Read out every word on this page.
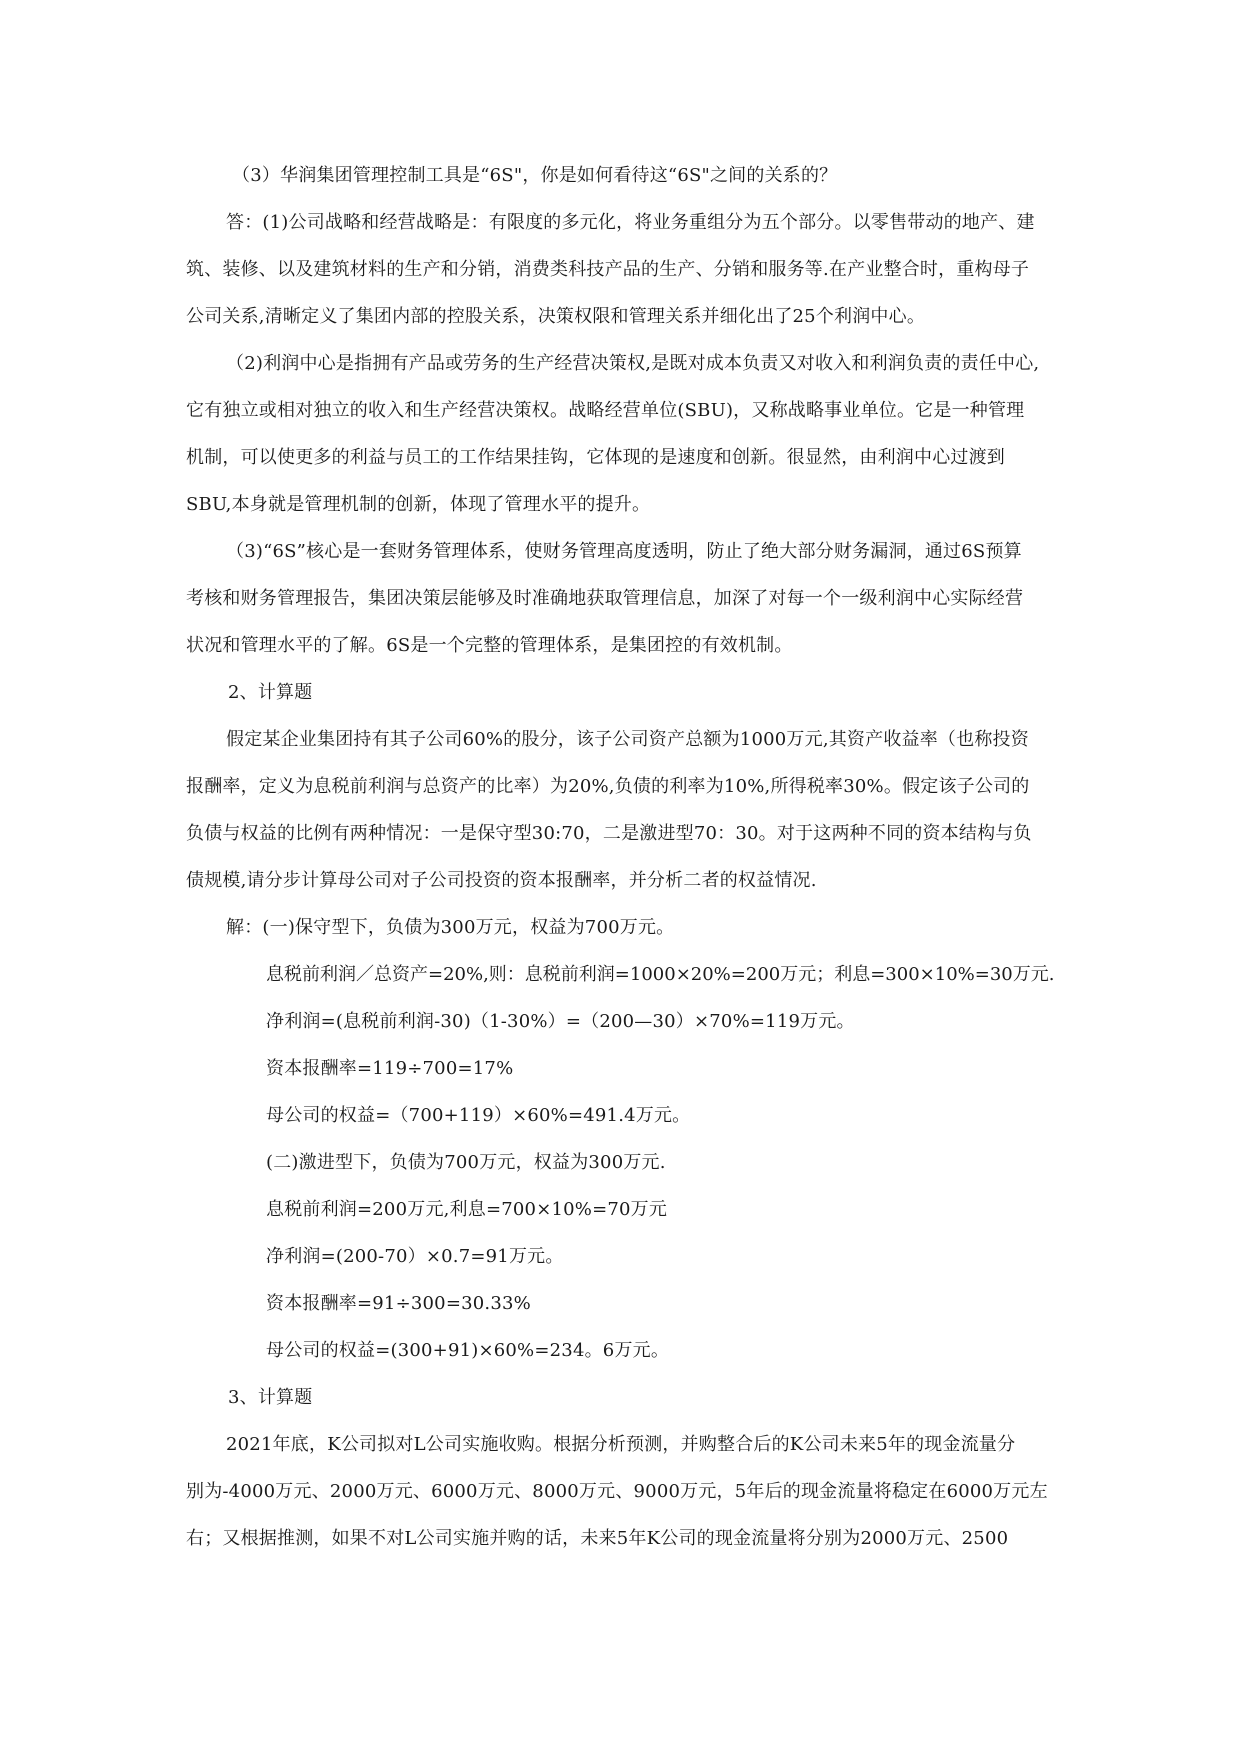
（3）华润集团管理控制工具是“6S"，你是如何看待这“6S"之间的关系的？
答：(1)公司战略和经营战略是：有限度的多元化，将业务重组分为五个部分。以零售带动的地产、建
筑、装修、以及建筑材料的生产和分销，消费类科技产品的生产、分销和服务等.在产业整合时，重构母子
公司关系,清晰定义了集团内部的控股关系，决策权限和管理关系并细化出了25个利润中心。
（2)利润中心是指拥有产品或劳务的生产经营决策权,是既对成本负责又对收入和利润负责的责任中心,
它有独立或相对独立的收入和生产经营决策权。战略经营单位(SBU)，又称战略事业单位。它是一种管理
机制，可以使更多的利益与员工的工作结果挂钩，它体现的是速度和创新。很显然，由利润中心过渡到
SBU,本身就是管理机制的创新，体现了管理水平的提升。
（3)“6S”核心是一套财务管理体系，使财务管理高度透明，防止了绝大部分财务漏洞，通过6S预算
考核和财务管理报告，集团决策层能够及时准确地获取管理信息，加深了对每一个一级利润中心实际经营
状况和管理水平的了解。6S是一个完整的管理体系，是集团控的有效机制。
2、计算题
假定某企业集团持有其子公司60%的股分，该子公司资产总额为1000万元,其资产收益率（也称投资
报酬率，定义为息税前利润与总资产的比率）为20%,负债的利率为10%,所得税率30%。假定该子公司的
负债与权益的比例有两种情况：一是保守型30:70，二是激进型70：30。对于这两种不同的资本结构与负
债规模,请分步计算母公司对子公司投资的资本报酬率，并分析二者的权益情况.
解：(一)保守型下，负债为300万元，权益为700万元。
息税前利润／总资产=20%,则：息税前利润=1000×20%=200万元；利息=300×10%=30万元.
净利润=(息税前利润-30)（1-30%）=（200—30）×70%=119万元。
资本报酬率=119÷700=17%
母公司的权益=（700+119）×60%=491.4万元。
(二)激进型下，负债为700万元，权益为300万元.
息税前利润=200万元,利息=700×10%=70万元
净利润=(200-70）×0.7=91万元。
资本报酬率=91÷300=30.33%
母公司的权益=(300+91)×60%=234。6万元。
3、计算题
2021年底，K公司拟对L公司实施收购。根据分析预测，并购整合后的K公司未来5年的现金流量分
别为-4000万元、2000万元、6000万元、8000万元、9000万元，5年后的现金流量将稳定在6000万元左
右；又根据推测，如果不对L公司实施并购的话，未来5年K公司的现金流量将分别为2000万元、2500
